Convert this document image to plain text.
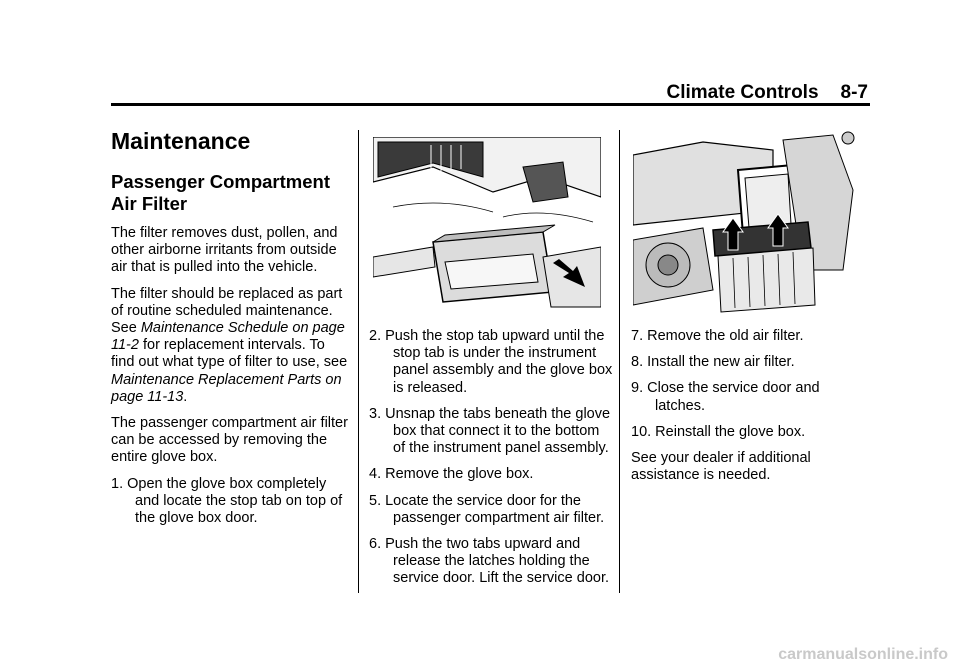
Climate Controls 8-7
Maintenance
Passenger Compartment
Air Filter

The filter removes dust, pollen, and other airborne irritants from outside air that is pulled into the vehicle.

The filter should be replaced as part of routine scheduled maintenance. See Maintenance Schedule on page 11-2 for replacement intervals. To find out what type of filter to use, see Maintenance Replacement Parts on page 11-13.

The passenger compartment air filter can be accessed by removing the entire glove box.

1. Open the glove box completely and locate the stop tab on top of the glove box door.

2. Push the stop tab upward until the stop tab is under the instrument panel assembly and the glove box is released.

3. Unsnap the tabs beneath the glove box that connect it to the bottom of the instrument panel assembly.

4. Remove the glove box.

5. Locate the service door for the passenger compartment air filter.

6. Push the two tabs upward and release the latches holding the service door. Lift the service door.

7. Remove the old air filter.

8. Install the new air filter.

9. Close the service door and latches.

10. Reinstall the glove box.

See your dealer if additional assistance is needed.

carmanualsonline.info
